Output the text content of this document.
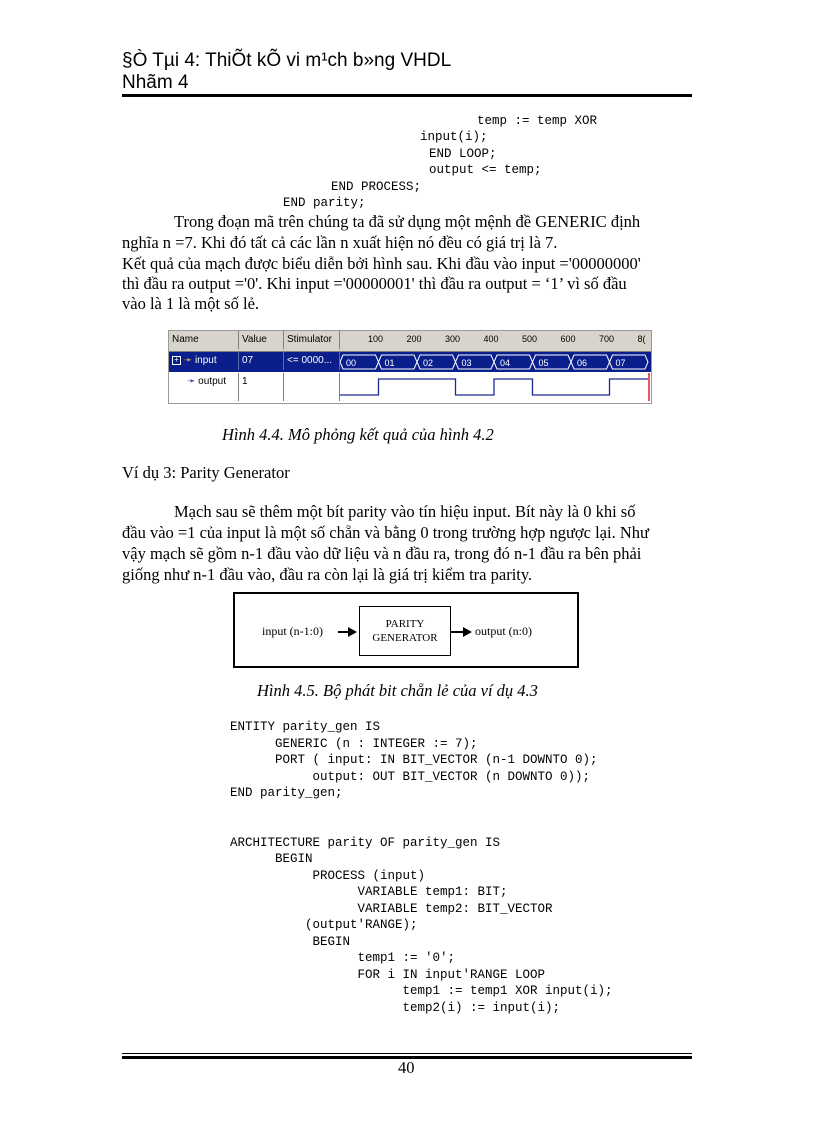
§Ò Tµi 4: ThiÕt kÕ vi m¹ch b»ng VHDL
Nhãm 4
temp := temp XOR
input(i);
END LOOP;
output <= temp;
END PROCESS;
END parity;
Trong đoạn mã trên chúng ta đã sử dụng một mệnh đề GENERIC định
nghĩa n =7. Khi đó tất cả các lần n xuất hiện nó đều có giá trị là 7.
Kết quả của mạch được biểu diễn bởi hình sau. Khi đầu vào input ='00000000'
thì đầu ra output ='0'. Khi input ='00000001' thì đầu ra output = ‘1’ vì số đầu
vào là 1 là một số lẻ.
Name	Value	Stimulator	100	200	300	400	500	600	700	8(
+ ➛ input	07	<= 0000...	00	01	02	03	04	05	06	07
➛ output	1
Hình 4.4. Mô phỏng kết quả của hình 4.2
Ví dụ 3: Parity Generator
Mạch sau sẽ thêm một bít parity vào tín hiệu input. Bít này là 0 khi số
đầu vào =1 của input là một số chẵn và bằng 0 trong trường hợp ngược lại. Như
vậy mạch sẽ gồm n-1 đầu vào dữ liệu và n đầu ra, trong đó n-1 đầu ra bên phải
giống như n-1 đầu vào, đầu ra còn lại là giá trị kiểm tra parity.
input (n-1:0)	PARITY
GENERATOR	output (n:0)
Hình 4.5. Bộ phát bit chẵn lẻ của ví dụ 4.3
ENTITY parity_gen IS
GENERIC (n : INTEGER := 7);
PORT ( input: IN BIT_VECTOR (n-1 DOWNTO 0);
output: OUT BIT_VECTOR (n DOWNTO 0));
END parity_gen;

ARCHITECTURE parity OF parity_gen IS
BEGIN
PROCESS (input)
VARIABLE temp1: BIT;
VARIABLE temp2: BIT_VECTOR
(output'RANGE);
BEGIN
temp1 := '0';
FOR i IN input'RANGE LOOP
temp1 := temp1 XOR input(i);
temp2(i) := input(i);
40
